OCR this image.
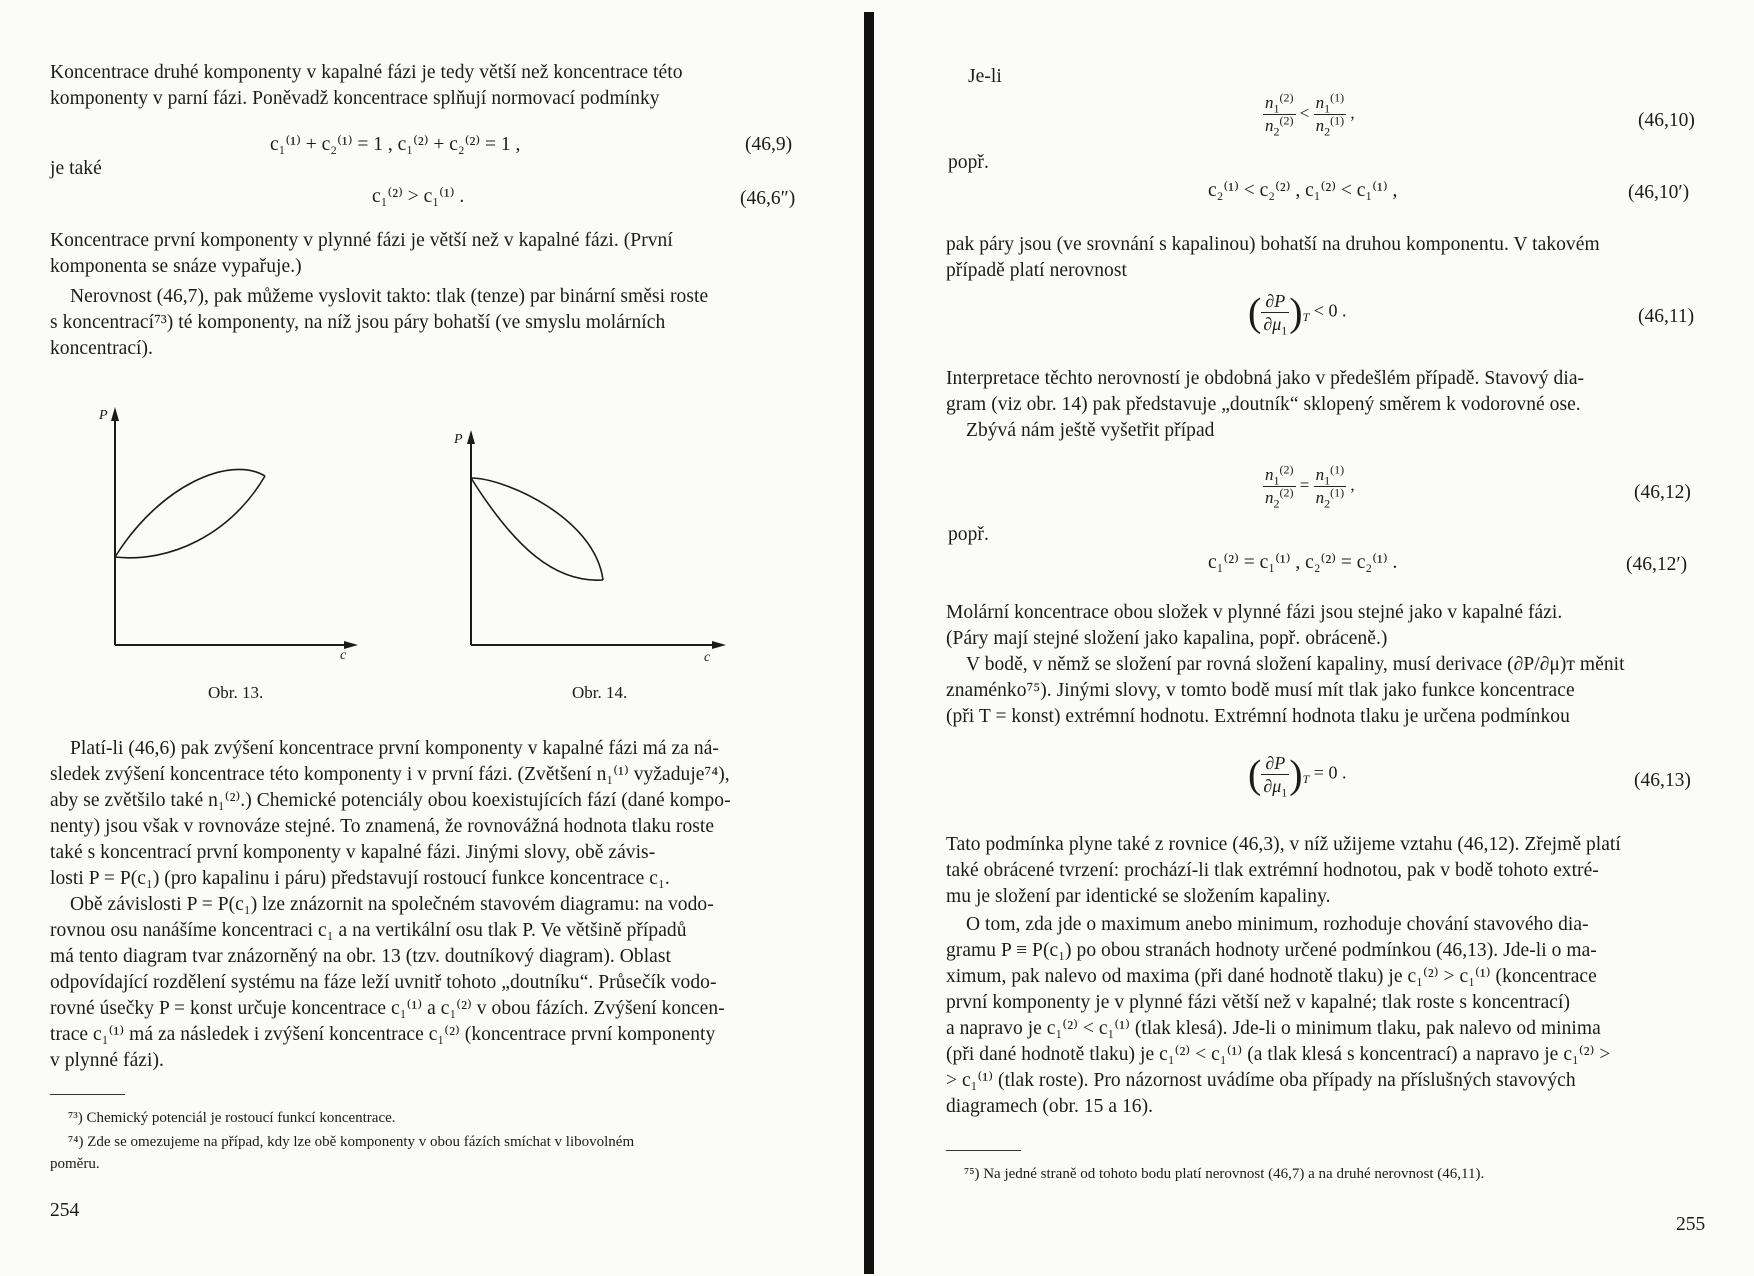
Koncentrace druhé komponenty v kapalné fázi je tedy větší než koncentrace této
komponenty v parní fázi. Poněvadž koncentrace splňují normovací podmínky
c₁⁽¹⁾ + c₂⁽¹⁾ = 1 , c₁⁽²⁾ + c₂⁽²⁾ = 1 ,	(46,9)
je také
c₁⁽²⁾ > c₁⁽¹⁾ .	(46,6″)
Koncentrace první komponenty v plynné fázi je větší než v kapalné fázi. (První
komponenta se snáze vypařuje.)
Nerovnost (46,7), pak můžeme vyslovit takto: tlak (tenze) par binární směsi roste
s koncentrací⁷³) té komponenty, na níž jsou páry bohatší (ve smyslu molárních
koncentrací).
P
c
Obr. 13.
P
c
Obr. 14.
Platí-li (46,6) pak zvýšení koncentrace první komponenty v kapalné fázi má za ná-
sledek zvýšení koncentrace této komponenty i v první fázi. (Zvětšení n₁⁽¹⁾ vyžaduje⁷⁴),
aby se zvětšilo také n₁⁽²⁾.) Chemické potenciály obou koexistujících fází (dané kompo-
nenty) jsou však v rovnováze stejné. To znamená, že rovnovážná hodnota tlaku roste
také s koncentrací první komponenty v kapalné fázi. Jinými slovy, obě závis-
losti P = P(c₁) (pro kapalinu i páru) představují rostoucí funkce koncentrace c₁.
Obě závislosti P = P(c₁) lze znázornit na společném stavovém diagramu: na vodo-
rovnou osu nanášíme koncentraci c₁ a na vertikální osu tlak P. Ve většině případů
má tento diagram tvar znázorněný na obr. 13 (tzv. doutníkový diagram). Oblast
odpovídající rozdělení systému na fáze leží uvnitř tohoto „doutníku“. Průsečík vodo-
rovné úsečky P = konst určuje koncentrace c₁⁽¹⁾ a c₁⁽²⁾ v obou fázích. Zvýšení koncen-
trace c₁⁽¹⁾ má za následek i zvýšení koncentrace c₁⁽²⁾ (koncentrace první komponenty
v plynné fázi).
⁷³) Chemický potenciál je rostoucí funkcí koncentrace.
⁷⁴) Zde se omezujeme na případ, kdy lze obě komponenty v obou fázích smíchat v libovolném
poměru.
254
Je-li
$\frac{n_1^{(2)}}{n_2^{(2)}} < \frac{n_1^{(1)}}{n_2^{(1)}}$ ,	(46,10)
popř.
c₂⁽¹⁾ < c₂⁽²⁾ , c₁⁽²⁾ < c₁⁽¹⁾ ,	(46,10′)
pak páry jsou (ve srovnání s kapalinou) bohatší na druhou komponentu. V takovém
případě platí nerovnost
( $\frac{\partial P}{\partial\mu_1} )_T < 0$ .	(46,11)
Interpretace těchto nerovností je obdobná jako v předešlém případě. Stavový dia-
gram (viz obr. 14) pak představuje „doutník“ sklopený směrem k vodorovné ose.
Zbývá nám ještě vyšetřit případ
$\frac{n_1^{(2)}}{n_2^{(2)}} = \frac{n_1^{(1)}}{n_2^{(1)}}$ ,	(46,12)
popř.
c₁⁽²⁾ = c₁⁽¹⁾ , c₂⁽²⁾ = c₂⁽¹⁾ .	(46,12′)
Molární koncentrace obou složek v plynné fázi jsou stejné jako v kapalné fázi.
(Páry mají stejné složení jako kapalina, popř. obráceně.)
V bodě, v němž se složení par rovná složení kapaliny, musí derivace (∂P/∂μ)ᴛ měnit
znaménko⁷⁵). Jinými slovy, v tomto bodě musí mít tlak jako funkce koncentrace
(při T = konst) extrémní hodnotu. Extrémní hodnota tlaku je určena podmínkou
( $\frac{\partial P}{\partial\mu_1} )_T = 0$ .	(46,13)
Tato podmínka plyne také z rovnice (46,3), v níž užijeme vztahu (46,12). Zřejmě platí
také obrácené tvrzení: prochází-li tlak extrémní hodnotou, pak v bodě tohoto extré-
mu je složení par identické se složením kapaliny.
O tom, zda jde o maximum anebo minimum, rozhoduje chování stavového dia-
gramu P ≡ P(c₁) po obou stranách hodnoty určené podmínkou (46,13). Jde-li o ma-
ximum, pak nalevo od maxima (při dané hodnotě tlaku) je c₁⁽²⁾ > c₁⁽¹⁾ (koncentrace
první komponenty je v plynné fázi větší než v kapalné; tlak roste s koncentrací)
a napravo je c₁⁽²⁾ < c₁⁽¹⁾ (tlak klesá). Jde-li o minimum tlaku, pak nalevo od minima
(při dané hodnotě tlaku) je c₁⁽²⁾ < c₁⁽¹⁾ (a tlak klesá s koncentrací) a napravo je c₁⁽²⁾ >
> c₁⁽¹⁾ (tlak roste). Pro názornost uvádíme oba případy na příslušných stavových
diagramech (obr. 15 a 16).
⁷⁵) Na jedné straně od tohoto bodu platí nerovnost (46,7) a na druhé nerovnost (46,11).
255
